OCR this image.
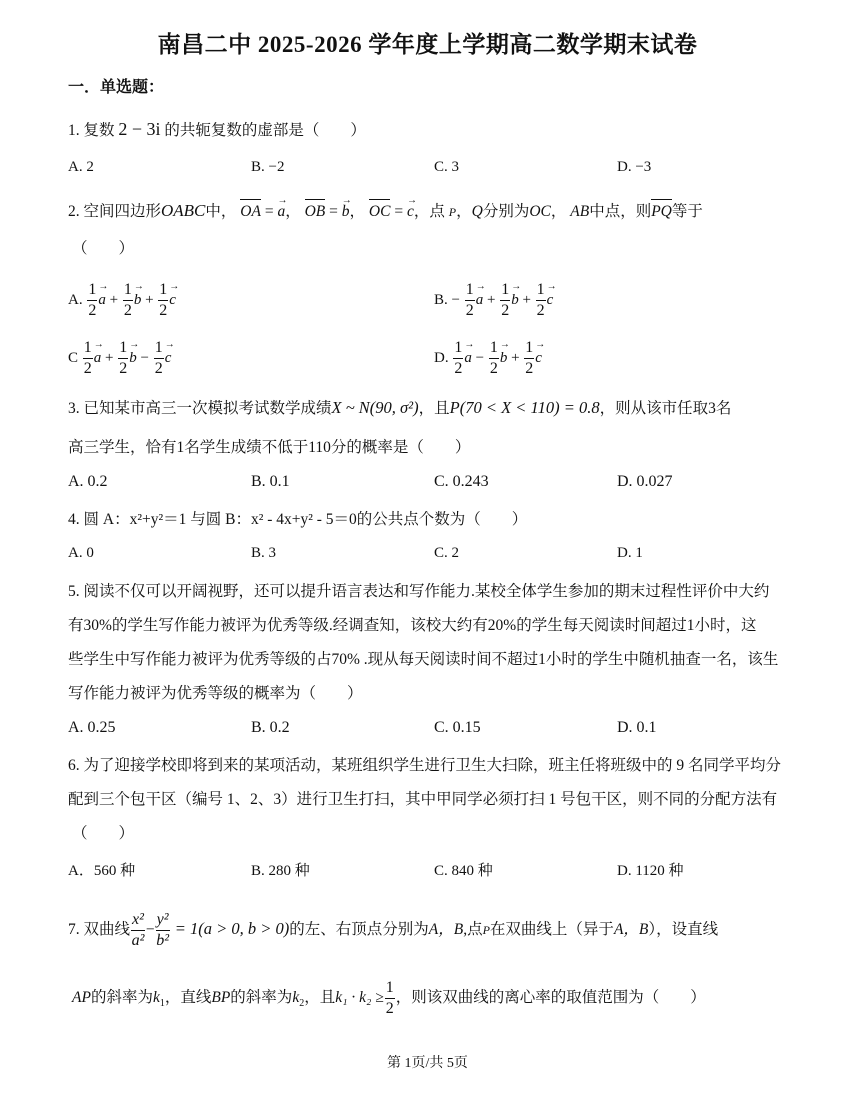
南昌二中 2025-2026 学年度上学期高二数学期末试卷
一．单选题：
1. 复数 2 − 3i 的共轭复数的虚部是（　　）
A. 2	B. −2	C. 3	D. −3
2. 空间四边形OABC中， OA = → a， OB = → b， OC = → c，点 P，Q分别为OC， AB中点，则PQ等于
（　　）
A. $\frac{1}{2}$
→ $a + \frac{1}{2}$
→ $b + \frac{1}{2}$
→ c	B. − $\frac{1}{2}$
→ $a + \frac{1}{2}$
→ $b + \frac{1}{2}$
→ c
C $\frac{1}{2}$
→ $a + \frac{1}{2}$
→ $b - \frac{1}{2}$
→ c	D. $\frac{1}{2}$
→ $a - \frac{1}{2}$
→ $b + \frac{1}{2}$
→ c
3. 已知某市高三一次模拟考试数学成绩X ~ N(90, σ²)，且P(70 < X < 110) = 0.8，则从该市任取3名
高三学生，恰有1名学生成绩不低于110分的概率是（　　）
A. 0.2	B. 0.1	C. 0.243	D. 0.027
4. 圆 A：x²+y²＝1 与圆 B：x² ‑ 4x+y² ‑ 5＝0的公共点个数为（　　）
A. 0	B. 3	C. 2	D. 1
5. 阅读不仅可以开阔视野，还可以提升语言表达和写作能力.某校全体学生参加的期末过程性评价中大约
有30%的学生写作能力被评为优秀等级.经调查知，该校大约有20%的学生每天阅读时间超过1小时，这
些学生中写作能力被评为优秀等级的占70% .现从每天阅读时间不超过1小时的学生中随机抽查一名，该生
写作能力被评为优秀等级的概率为（　　）
A. 0.25	B. 0.2	C. 0.15	D. 0.1
6. 为了迎接学校即将到来的某项活动，某班组织学生进行卫生大扫除，班主任将班级中的 9 名同学平均分
配到三个包干区（编号 1、2、3）进行卫生打扫，其中甲同学必须打扫 1 号包干区，则不同的分配方法有
（　　）
A．560 种	B. 280 种	C. 840 种	D. 1120 种
7. 双曲线 $\frac{\text{x²}}{\text{a²}} - \frac{\text{y²}}{\text{b²}} = 1(a > 0$, b > 0)的左、右顶点分别为A，B,点P在双曲线上（异于A，B），设直线
AP的斜率为$k_1$，直线BP的斜率为$k_2$，且$k_1 \cdot k_2 \ge \frac{1}{2}$ ，则该双曲线的离心率的取值范围为（　　）
第 1页/共 5页
